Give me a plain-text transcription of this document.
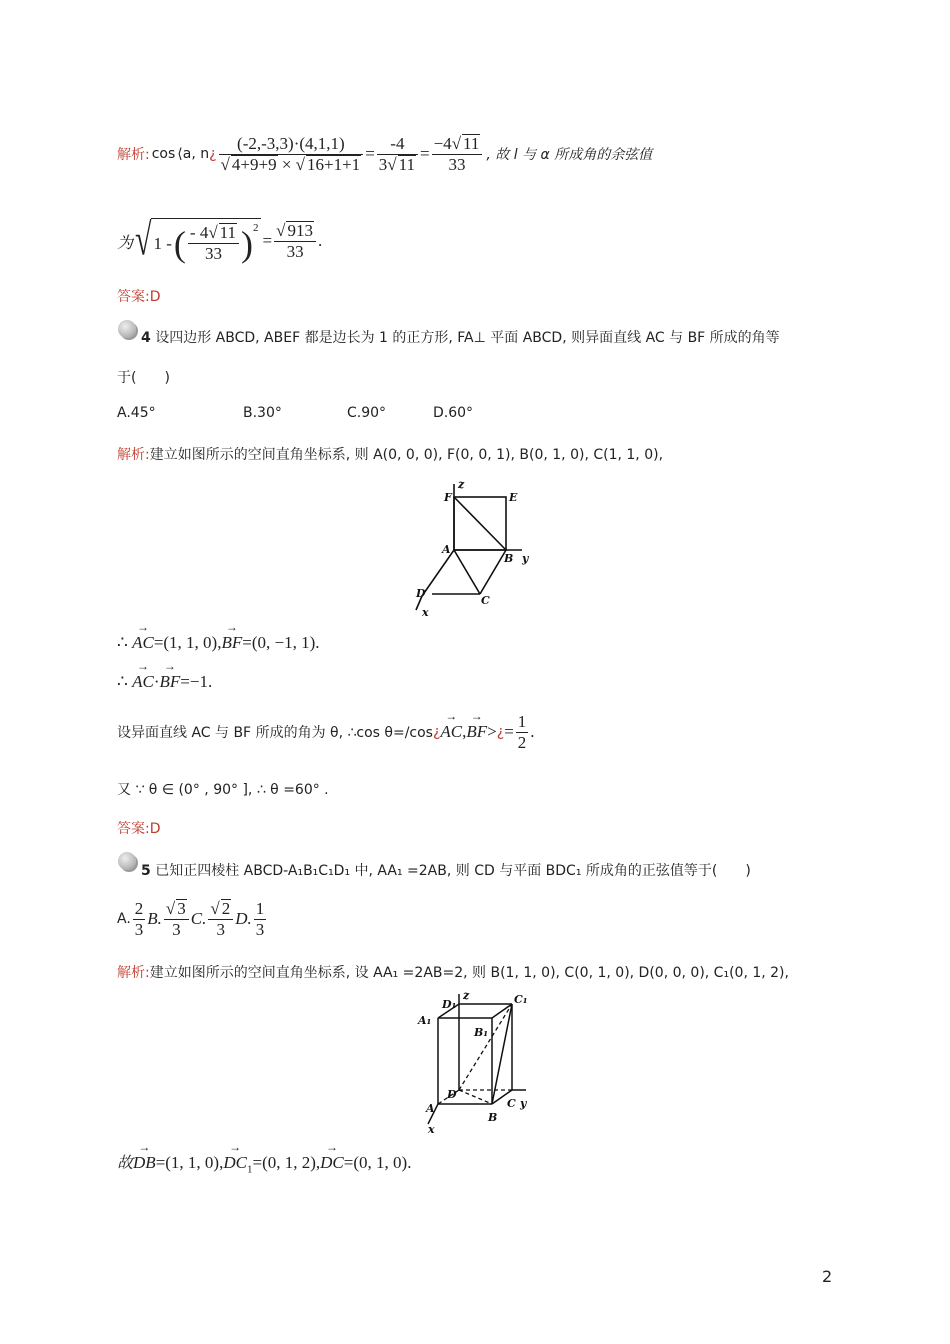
解析: cos ⟨a, n ¿ $\frac{(-2,-3,3)\cdot(4,1,1)}{√ 4+9+9 \times √ 16+1+1} = \frac{-4}{3√ 11} = \frac{-4√ 11}{33}$ , 故 l 与 α 所成角的余弦值
为 √ 1 - ( $\frac{- 4√ 11}{33} )^2$
= $\frac{√ 913}{33}$ .
答案:D
4 设四边形 ABCD, ABEF 都是边长为 1 的正方形, FA⊥ 平面 ABCD, 则异面直线 AC 与 BF 所成的角等
于(　　)
A.45°	B.30°	C.90°	D.60°
解析:建立如图所示的空间直角坐标系, 则 A(0, 0, 0), F(0, 0, 1), B(0, 1, 0), C(1, 1, 0),
z
F	E
A
B y
D
C
x
∴ → AC=(1, 1, 0),→ BF=(0, −1, 1).
∴ → AC·→ BF=−1.
设异面直线 AC 与 BF 所成的角为 θ, ∴cos θ=/cos ¿ → AC,→ BF> ¿ = $\frac{1}{2}$ .
又 ∵ θ ∈ (0° , 90° ], ∴ θ =60° .
答案:D
5 已知正四棱柱 ABCD-A₁B₁C₁D₁ 中, AA₁ =2AB, 则 CD 与平面 BDC₁ 所成角的正弦值等于(　　)
A. $\frac{2}{3} B$. $\frac{√ 3}{3} C$. $\frac{√ 2}{3} D$. $\frac{1}{3}$
解析:建立如图所示的空间直角坐标系, 设 AA₁ =2AB=2, 则 B(1, 1, 0), C(0, 1, 0), D(0, 0, 0), C₁(0, 1, 2),
D₁
z	C₁
A₁
B₁
D
A	C y
x
B
故→ DB=(1, 1, $0),\to DC_1=(0$, 1, 2),→ DC=(0, 1, 0).
2
